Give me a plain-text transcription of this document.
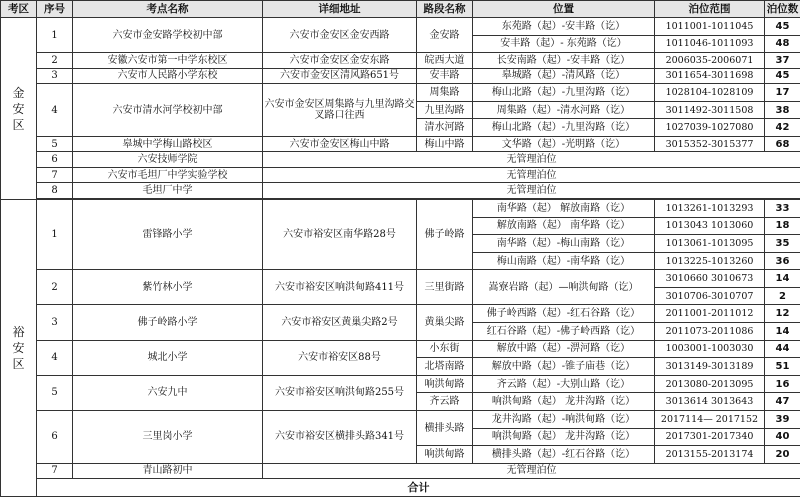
考区	序号	考点名称	详细地址	路段名称	位置	泊位范围	泊位数	
金安区	1	六安市金安路学校初中部	六安市金安区金安西路	金安路	东苑路（起）-安丰路（讫）	1011001-1011045	45	
					安丰路（起）- 东苑路（讫）	1011046-1011093	48	
	2	安徽六安市第一中学东校区	六安市金安区金安东路	皖西大道	长安南路（起）-安丰路（讫）	2006035-2006071	37	
	3	六安市人民路小学东校	六安市金安区清风路651号	安丰路	皋城路（起）-清风路（讫）	3011654-3011698	45	
	4	六安市清水河学校初中部	六安市金安区周集路与九里沟路交叉路口往西	周集路	梅山北路（起）-九里沟路（讫）	1028104-1028109	17	
				九里沟路	周集路（起）-清水河路（讫）	3011492-3011508	38	
				清水河路	梅山北路（起）-九里沟路（讫）	1027039-1027080	42	
	5	皋城中学梅山路校区	六安市金安区梅山中路	梅山中路	文华路（起）-光明路（讫）	3015352-3015377	68	
	6	六安技师学院	无管理泊位					
	7	六安市毛坦厂中学实验学校	无管理泊位					
	8	毛坦厂中学	无管理泊位					

裕安区	1	雷锋路小学	六安市裕安区南华路28号	佛子岭路	南华路（起） 解放南路（讫）	1013261-1013293	33	
					解放南路（起） 南华路（讫）	1013043 1013060	18	
					南华路（起）-梅山南路（讫）	1013061-1013095	35	
					梅山南路（起）-南华路（讫）	1013225-1013260	36	
	2	紫竹林小学	六安市裕安区响洪甸路411号	三里街路	嵩寮岩路（起）—响洪甸路（讫）	3010660 3010673	14	
						3010706-3010707	2	
	3	佛子岭路小学	六安市裕安区黄巢尖路2号	黄巢尖路	佛子岭西路（起）-红石谷路（讫）	2011001-2011012	12	
					红石谷路（起）-佛子岭西路（讫）	2011073-2011086	14	
	4	城北小学	六安市裕安区88号	小东街	解放中路（起）-淠河路（讫）	1003001-1003030	44	
				北塔南路	解放中路（起）-锥子庙巷（讫）	3013149-3013189	51	
	5	六安九中	六安市裕安区响洪甸路255号	响洪甸路	齐云路（起）-大别山路（讫）	2013080-2013095	16	
				齐云路	响洪甸路（起） 龙井沟路（讫）	3013614 3013643	47	
	6	三里岗小学	六安市裕安区横排头路341号	横排头路	龙井沟路（起）-响洪甸路（讫）	2017114— 2017152	39	
					响洪甸路（起） 龙井沟路（讫）	2017301-2017340	40	
				响洪甸路	横排头路（起）-红石谷路（讫）	2013155-2013174	20	
	7	青山路初中	无管理泊位					
	合计	
